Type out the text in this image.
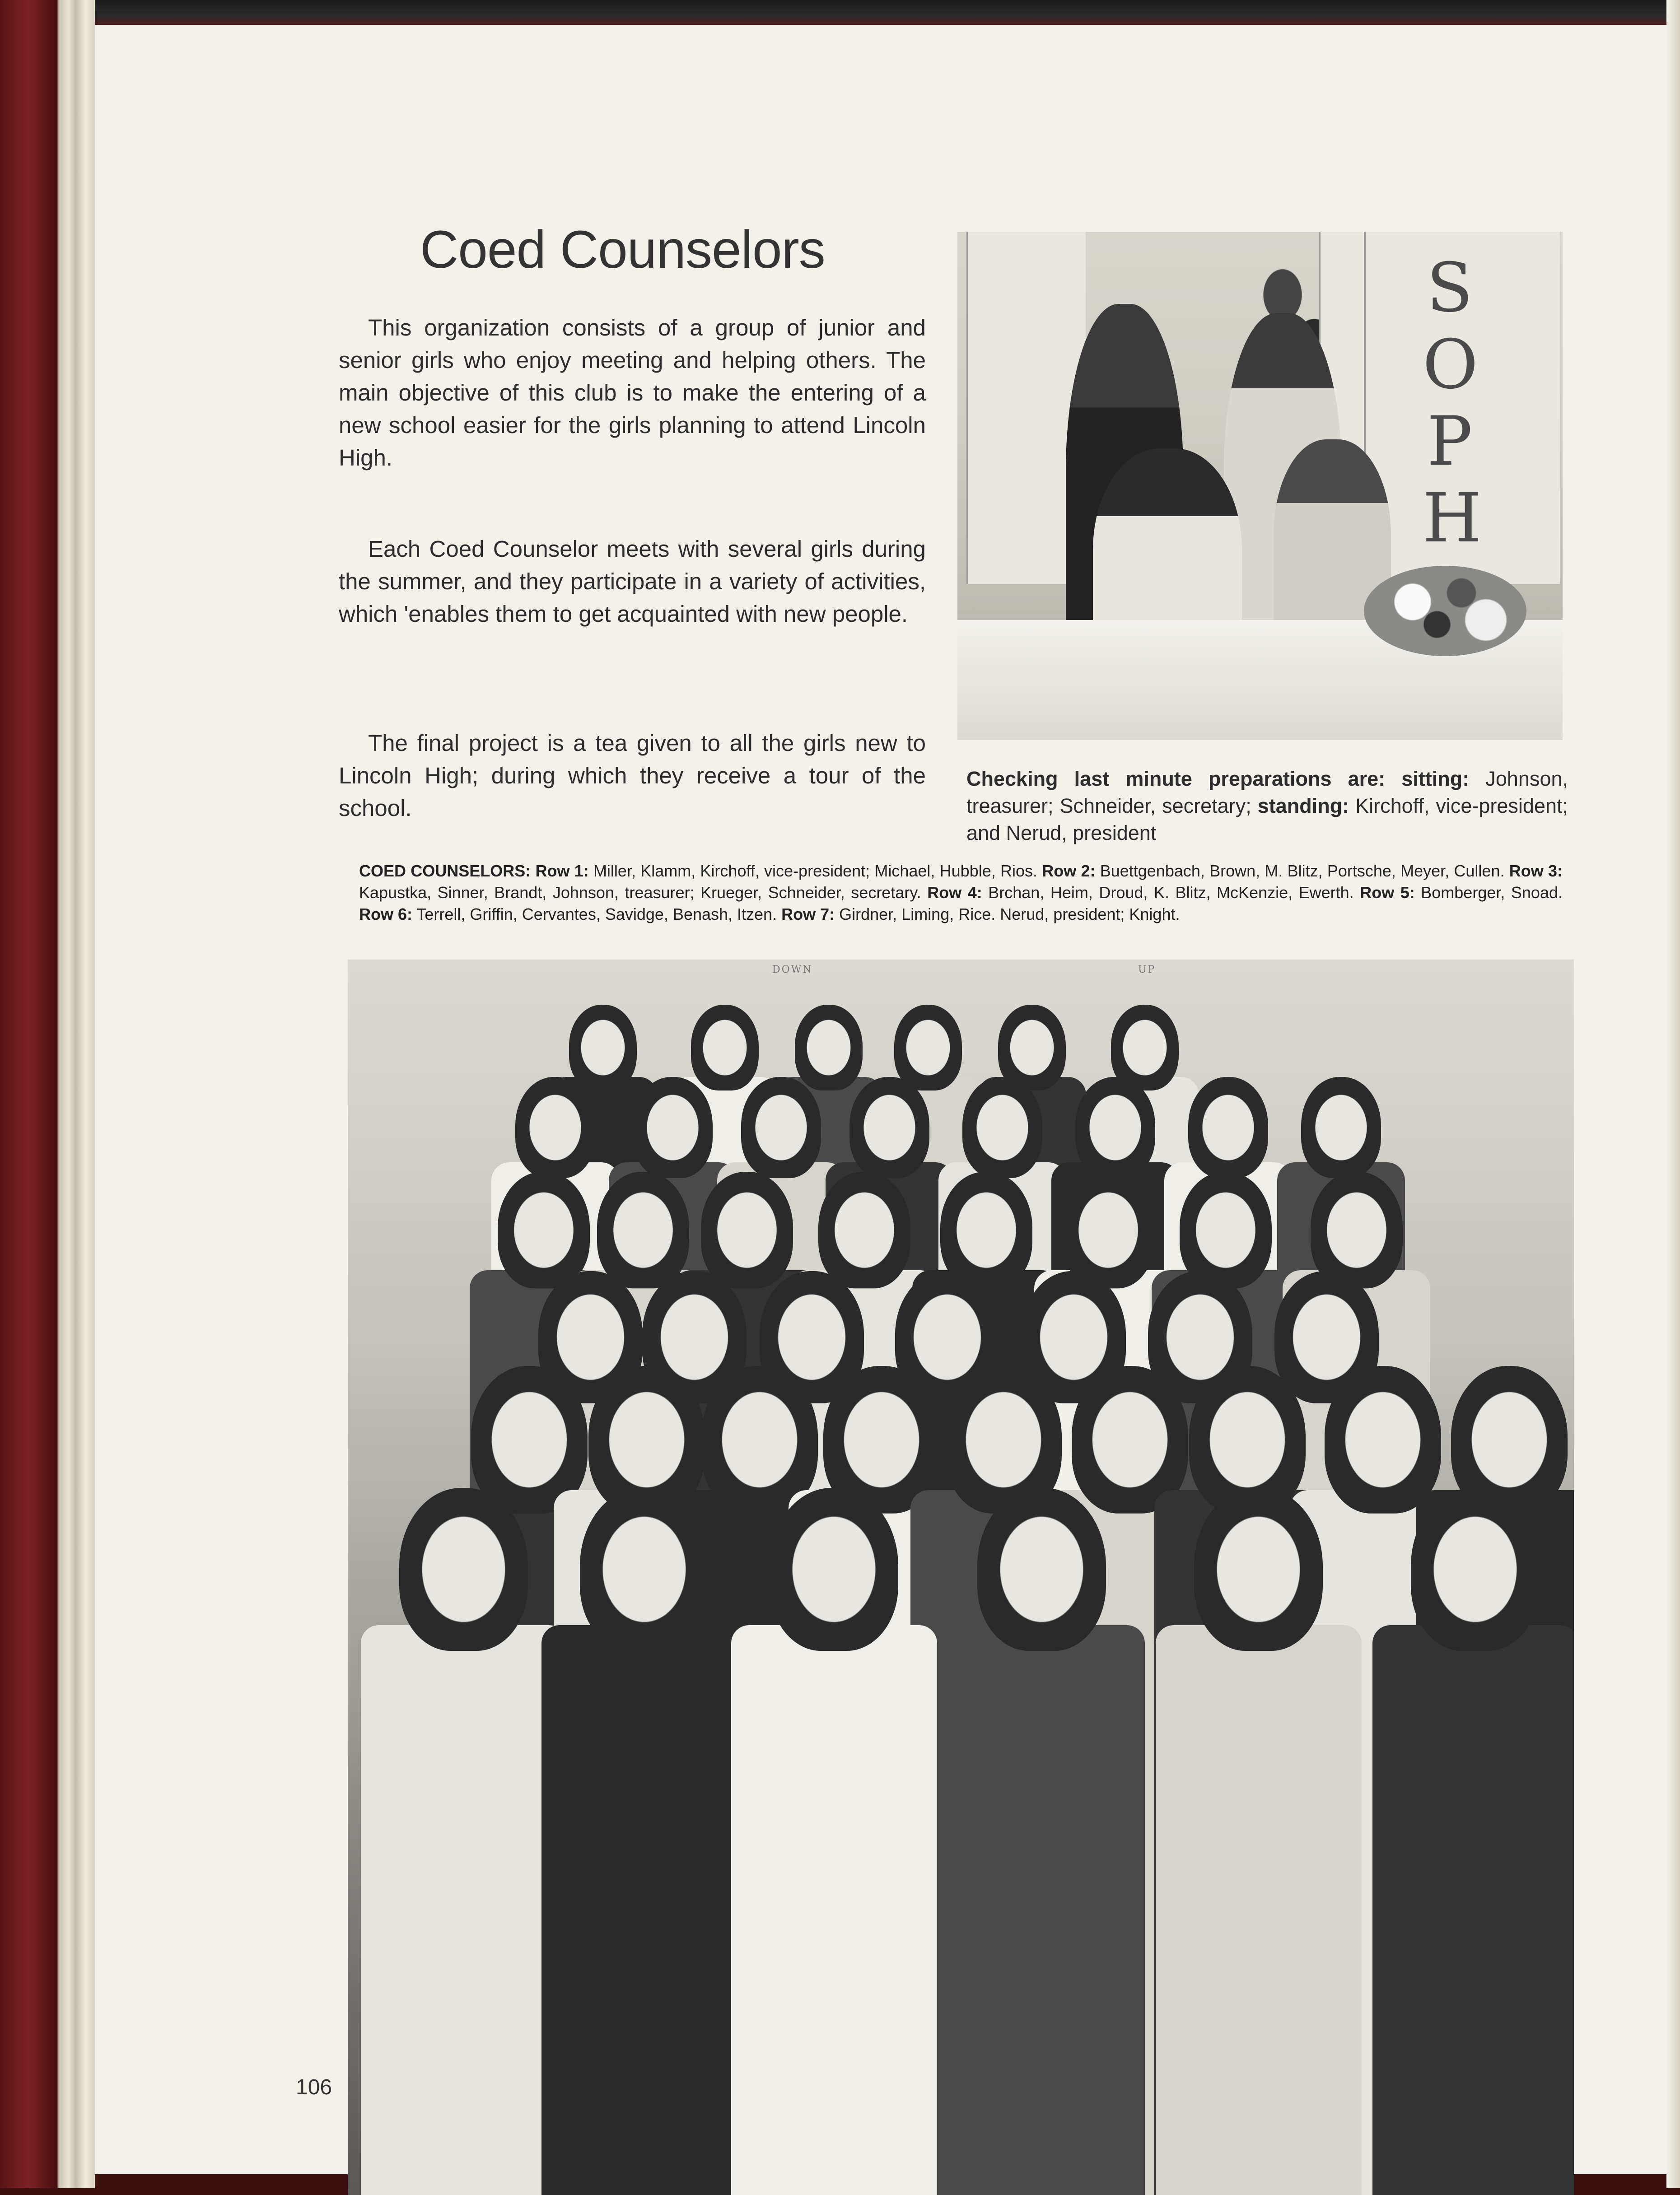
Coed Counselors

This organization consists of a group of junior and senior girls who enjoy meeting and helping others. The main objective of this club is to make the entering of a new school easier for the girls planning to attend Lincoln High.

Each Coed Counselor meets with several girls during the summer, and they participate in a variety of activities, which 'enables them to get acquainted with new people.

The final project is a tea given to all the girls new to Lincoln High; during which they receive a tour of the school.

SOPH

Checking last minute preparations are: sitting: Johnson, treasurer; Schneider, secretary; standing: Kirchoff, vice-president; and Nerud, president

COED COUNSELORS: Row 1: Miller, Klamm, Kirchoff, vice-president; Michael, Hubble, Rios. Row 2: Buettgenbach, Brown, M. Blitz, Portsche, Meyer, Cullen. Row 3: Kapustka, Sinner, Brandt, Johnson, treasurer; Krueger, Schneider, secretary. Row 4: Brchan, Heim, Droud, K. Blitz, McKenzie, Ewerth. Row 5: Bomberger, Snoad. Row 6: Terrell, Griffin, Cervantes, Savidge, Benash, Itzen. Row 7: Girdner, Liming, Rice. Nerud, president; Knight.

DOWN	UP
106
